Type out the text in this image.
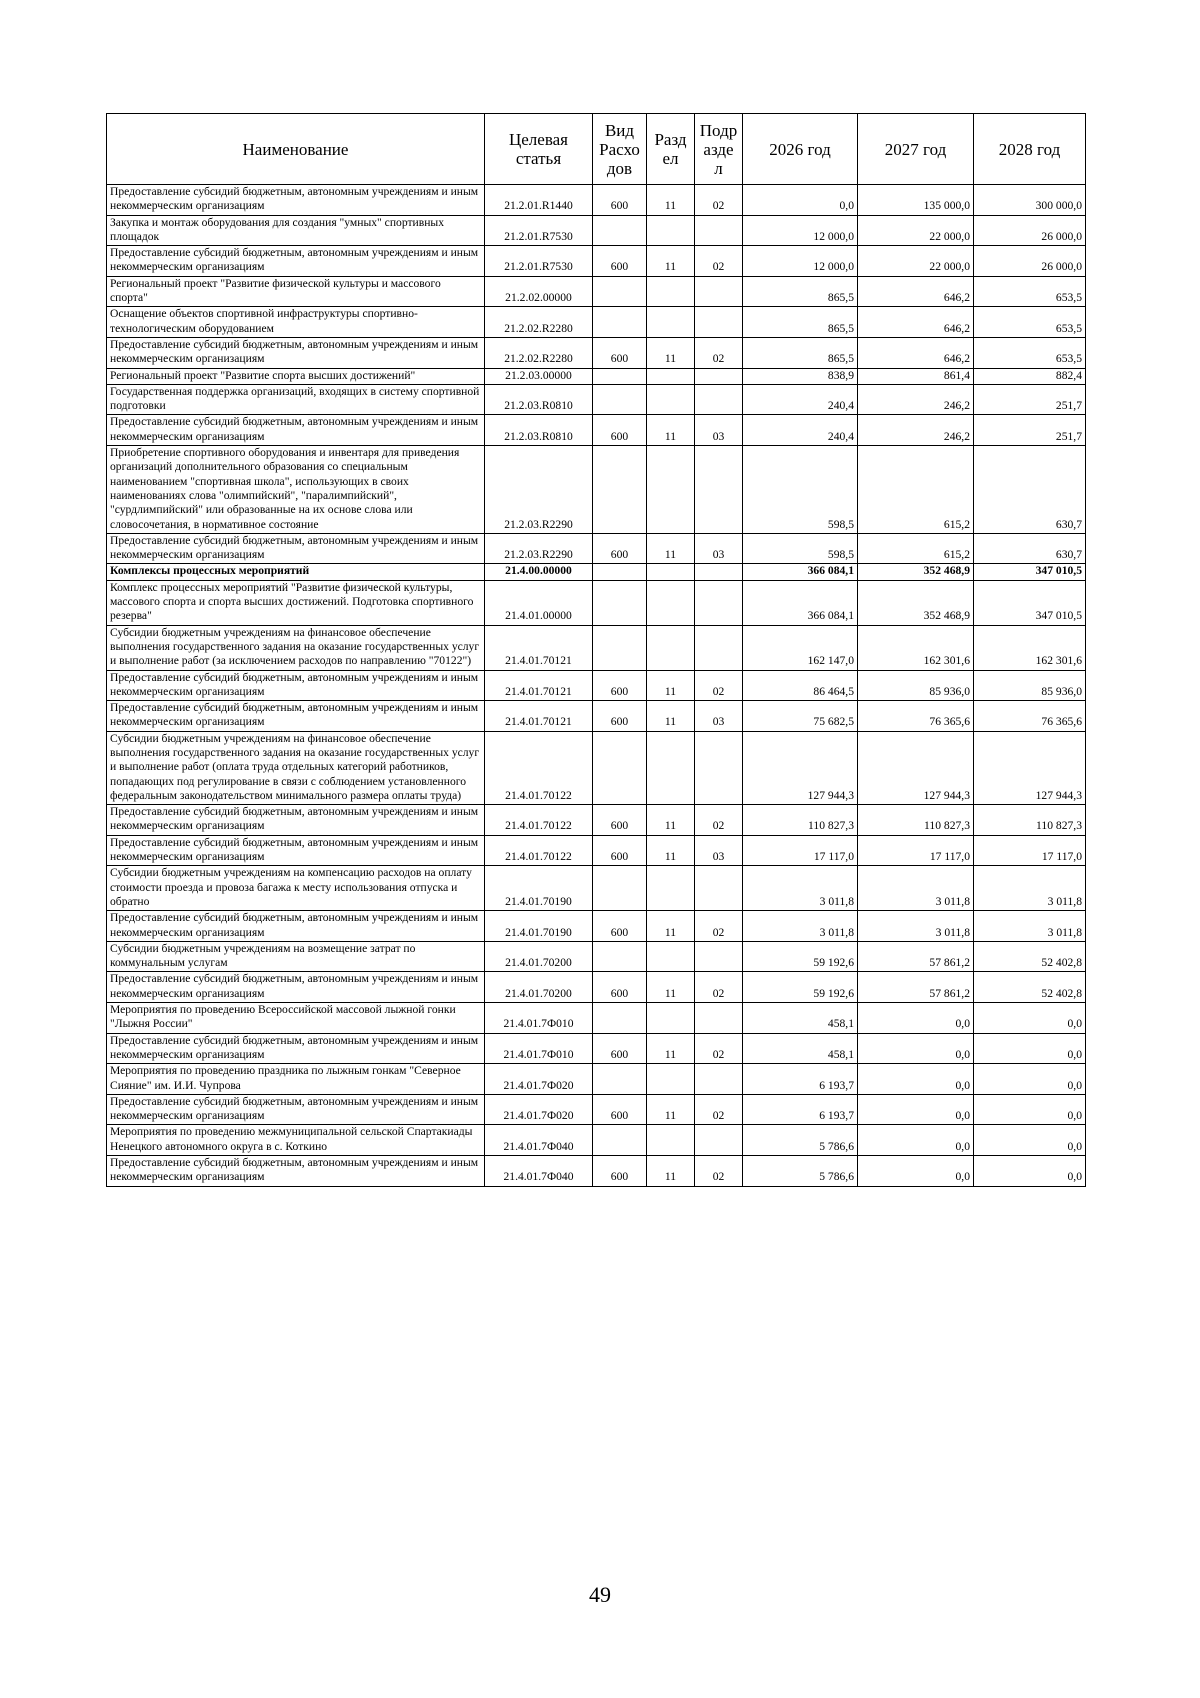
Наименование	Целевая статья	Вид Расхо дов	Разд ел	Подр азде л	2026 год	2027 год	2028 год
Предоставление субсидий бюджетным, автономным учреждениям и иным некоммерческим организациям	21.2.01.R1440	600	11	02	0,0	135 000,0	300 000,0
Закупка и монтаж оборудования для создания "умных" спортивных площадок	21.2.01.R7530				12 000,0	22 000,0	26 000,0
Предоставление субсидий бюджетным, автономным учреждениям и иным некоммерческим организациям	21.2.01.R7530	600	11	02	12 000,0	22 000,0	26 000,0
Региональный проект "Развитие физической культуры и массового спорта"	21.2.02.00000				865,5	646,2	653,5
Оснащение объектов спортивной инфраструктуры спортивно-технологическим оборудованием	21.2.02.R2280				865,5	646,2	653,5
Предоставление субсидий бюджетным, автономным учреждениям и иным некоммерческим организациям	21.2.02.R2280	600	11	02	865,5	646,2	653,5
Региональный проект "Развитие спорта высших достижений"	21.2.03.00000				838,9	861,4	882,4
Государственная поддержка организаций, входящих в систему спортивной подготовки	21.2.03.R0810				240,4	246,2	251,7
Предоставление субсидий бюджетным, автономным учреждениям и иным некоммерческим организациям	21.2.03.R0810	600	11	03	240,4	246,2	251,7
Приобретение спортивного оборудования и инвентаря для приведения организаций дополнительного образования со специальным наименованием "спортивная школа", использующих в своих наименованиях слова "олимпийский", "паралимпийский", "сурдлимпийский" или образованные на их основе слова или словосочетания, в нормативное состояние	21.2.03.R2290				598,5	615,2	630,7
Предоставление субсидий бюджетным, автономным учреждениям и иным некоммерческим организациям	21.2.03.R2290	600	11	03	598,5	615,2	630,7
Комплексы процессных мероприятий	21.4.00.00000				366 084,1	352 468,9	347 010,5
Комплекс процессных мероприятий "Развитие физической культуры, массового спорта и спорта высших достижений. Подготовка спортивного резерва"	21.4.01.00000				366 084,1	352 468,9	347 010,5
Субсидии бюджетным учреждениям на финансовое обеспечение выполнения государственного задания на оказание государственных услуг и выполнение работ (за исключением расходов по направлению "70122")	21.4.01.70121				162 147,0	162 301,6	162 301,6
Предоставление субсидий бюджетным, автономным учреждениям и иным некоммерческим организациям	21.4.01.70121	600	11	02	86 464,5	85 936,0	85 936,0
Предоставление субсидий бюджетным, автономным учреждениям и иным некоммерческим организациям	21.4.01.70121	600	11	03	75 682,5	76 365,6	76 365,6
Субсидии бюджетным учреждениям на финансовое обеспечение выполнения государственного задания на оказание государственных услуг и выполнение работ (оплата труда отдельных категорий работников, попадающих под регулирование в связи с соблюдением установленного федеральным законодательством минимального размера оплаты труда)	21.4.01.70122				127 944,3	127 944,3	127 944,3
Предоставление субсидий бюджетным, автономным учреждениям и иным некоммерческим организациям	21.4.01.70122	600	11	02	110 827,3	110 827,3	110 827,3
Предоставление субсидий бюджетным, автономным учреждениям и иным некоммерческим организациям	21.4.01.70122	600	11	03	17 117,0	17 117,0	17 117,0
Субсидии бюджетным учреждениям на компенсацию расходов на оплату стоимости проезда и провоза багажа к месту использования отпуска и обратно	21.4.01.70190				3 011,8	3 011,8	3 011,8
Предоставление субсидий бюджетным, автономным учреждениям и иным некоммерческим организациям	21.4.01.70190	600	11	02	3 011,8	3 011,8	3 011,8
Субсидии бюджетным учреждениям на возмещение затрат по коммунальным услугам	21.4.01.70200				59 192,6	57 861,2	52 402,8
Предоставление субсидий бюджетным, автономным учреждениям и иным некоммерческим организациям	21.4.01.70200	600	11	02	59 192,6	57 861,2	52 402,8
Мероприятия по проведению Всероссийской массовой лыжной гонки "Лыжня России"	21.4.01.7Ф010				458,1	0,0	0,0
Предоставление субсидий бюджетным, автономным учреждениям и иным некоммерческим организациям	21.4.01.7Ф010	600	11	02	458,1	0,0	0,0
Мероприятия по проведению праздника по лыжным гонкам "Северное Сияние" им. И.И. Чупрова	21.4.01.7Ф020				6 193,7	0,0	0,0
Предоставление субсидий бюджетным, автономным учреждениям и иным некоммерческим организациям	21.4.01.7Ф020	600	11	02	6 193,7	0,0	0,0
Мероприятия по проведению межмуниципальной сельской Спартакиады Ненецкого автономного округа в с. Коткино	21.4.01.7Ф040				5 786,6	0,0	0,0
Предоставление субсидий бюджетным, автономным учреждениям и иным некоммерческим организациям	21.4.01.7Ф040	600	11	02	5 786,6	0,0	0,0
49
